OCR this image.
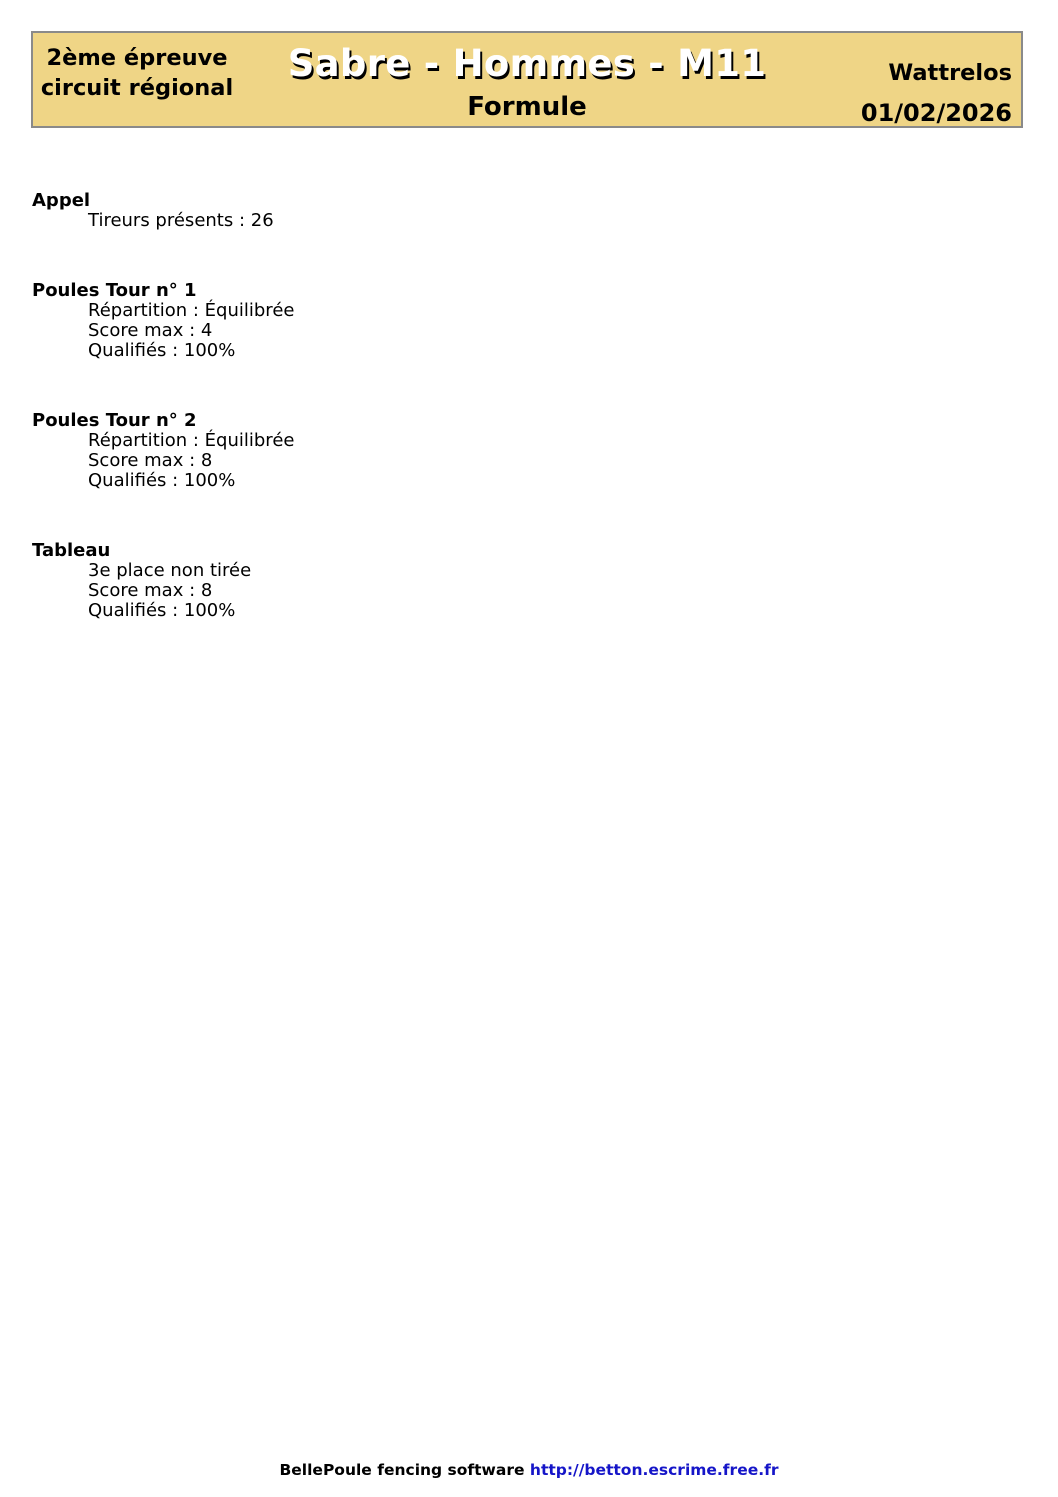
2ème épreuve
circuit régional
Sabre - Hommes - M11
Formule
Wattrelos
01/02/2026
Appel
Tireurs présents : 26
Poules Tour n° 1
Répartition : Équilibrée
Score max : 4
Qualifiés : 100%
Poules Tour n° 2
Répartition : Équilibrée
Score max : 8
Qualifiés : 100%
Tableau
3e place non tirée
Score max : 8
Qualifiés : 100%
BellePoule fencing software http://betton.escrime.free.fr
